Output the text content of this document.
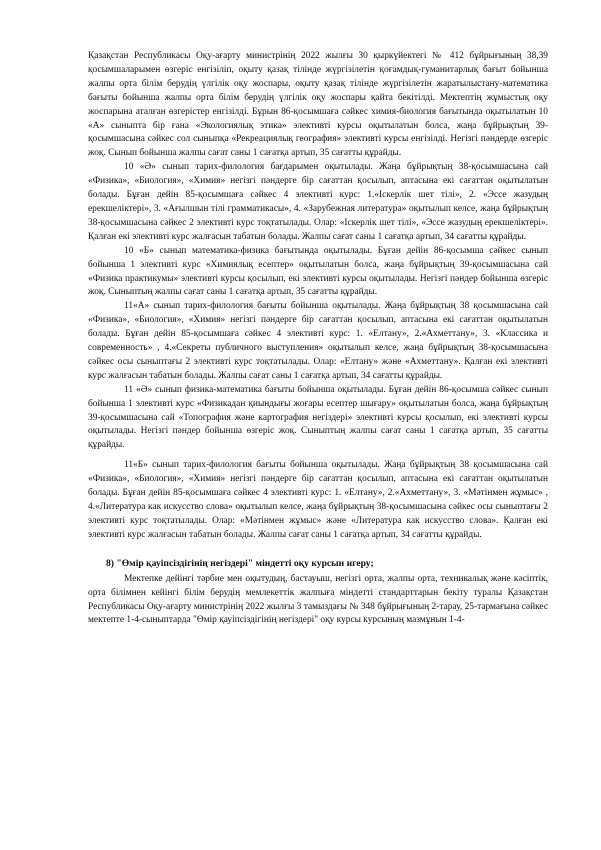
Қазақстан Республикасы Оқу-ағарту министрінің 2022 жылғы 30 қыркүйектегі № 412 бұйрығының 38,39 қосымшаларымен өзгеріс енгізіліп, оқыту қазақ тілінде жүргізілетін қоғамдық-гуманитарлық бағыт бойынша жалпы орта білім берудің үлгілік оқу жоспары, оқыту қазақ тілінде жүргізілетін жаратылыстану-математика бағыты бойынша жалпы орта білім берудің үлгілік оқу жоспары қайта бекітілді. Мектептің жұмыстық оқу жоспарына аталған өзгерістер енгізілді. Бұрын 86-қосымшаға сәйкес химия-биология бағытында оқытылатын 10 «А» сыныпта бір ғана «Экологиялық этика» элективті курсы оқытылатын болса, жаңа бұйрықтың 39-қосымшасына сәйкес сол сыныпқа «Рекреациялық география» элективті курсы енгізілді. Негізгі пәндерде өзгеріс жоқ. Сынып бойынша жалпы сағат саны 1 сағатқа артып, 35 сағатты құрайды.

10 «Ә» сынып тарих-филология бағдарымен оқытылады. Жаңа бұйрықтың 38-қосымшасына сай «Физика», «Биология», «Химия» негізгі пәндерге бір сағаттан қосылып, аптасына екі сағаттан оқытылатын болады. Бұған дейін 85-қосымшаға сәйкес 4 элективті курс: 1.«Іскерлік шет тілі», 2. «Эссе жазудың ерекшеліктері», 3. «Ағылшын тілі грамматикасы», 4. «Зарубежная литература» оқытылып келсе, жаңа бұйрықтың 38-қосымшасына сәйкес 2 элективті курс тоқтатылады. Олар: «Іскерлік шет тілі», «Эссе жазудың ерекшеліктері». Қалған екі элективті курс жалғасын табатын болады. Жалпы сағат саны 1 сағатқа артып, 34 сағатты құрайды.

10 «Б» сынып математика-физика бағытында оқытылады. Бұған дейін 86-қосымша сәйкес сынып бойынша 1 элективті курс «Химиялық есептер» оқытылатын болса, жаңа бұйрықтың 39-қосымшасына сай «Физика практикумы» элективті курсы қосылып, екі элективті курсы оқытылады. Негізгі пәндер бойынша өзгеріс жоқ. Сыныптың жалпы сағат саны 1 сағатқа артып, 35 сағатты құрайды.

11«А» сынып тарих-филология бағыты бойынша оқытылады. Жаңа бұйрықтың 38 қосымшасына сай «Физика», «Биология», «Химия» негізгі пәндерге бір сағаттан қосылып, аптасына екі сағаттан оқытылатын болады. Бұған дейін 85-қосымшаға сәйкес 4 элективті курс: 1. «Елтану», 2.«Ахметтану», 3. «Классика и современность» , 4.«Секреты публичного выступления» оқытылып келсе, жаңа бұйрықтың 38-қосымшасына сәйкес осы сыныптағы 2 элективті курс тоқтатылады. Олар: «Елтану» және «Ахметтану». Қалған екі элективті курс жалғасын табатын болады. Жалпы сағат саны 1 сағатқа артып, 34 сағатты құрайды.

11 «Ә» сынып физика-математика бағыты бойынша оқытылады. Бұған дейін 86-қосымша сәйкес сынып бойынша 1 элективті курс «Физикадан қиындығы жоғары есептер шығару» оқытылатын болса, жаңа бұйрықтың 39-қосымшасына сай «Топография және картография негіздері» элективті курсы қосылып, екі элективті курсы оқытылады. Негізгі пәндер бойынша өзгеріс жоқ. Сыныптың жалпы сағат саны 1 сағатқа артып, 35 сағатты құрайды.

11«Б» сынып тарих-филология бағыты бойынша оқытылады. Жаңа бұйрықтың 38 қосымшасына сай «Физика», «Биология», «Химия» негізгі пәндерге бір сағаттан қосылып, аптасына екі сағаттан оқытылатын болады. Бұған дейін 85-қосымшаға сәйкес 4 элективті курс: 1. «Елтану», 2.«Ахметтану», 3. «Мәтінмен жұмыс» , 4.«Литература как искусство слова» оқытылып келсе, жаңа бұйрықтың 38-қосымшасына сәйкес осы сыныптағы 2 элективті курс тоқтатылады. Олар: «Мәтінмен жұмыс» және «Литература как искусство слова». Қалған екі элективті курс жалғасын табатын болады. Жалпы сағат саны 1 сағатқа артып, 34 сағатты құрайды.

8) "Өмір қауіпсіздігінің негіздері" міндетті оқу курсын игеру;

Мектепке дейінгі тәрбие мен оқытудың, бастауыш, негізгі орта, жалпы орта, техникалық және кәсіптік, орта білімнен кейінгі білім берудің мемлекеттік жалпыға міндетті стандарттарын бекіту туралы Қазақстан Республикасы Оқу-ағарту министрінің 2022 жылғы 3 тамыздағы № 348 бұйрығының 2-тарау, 25-тармағына сәйкес мектепте 1-4-сыныптарда "Өмір қауіпсіздігінің негіздері" оқу курсы курсының мазмұнын 1-4-
